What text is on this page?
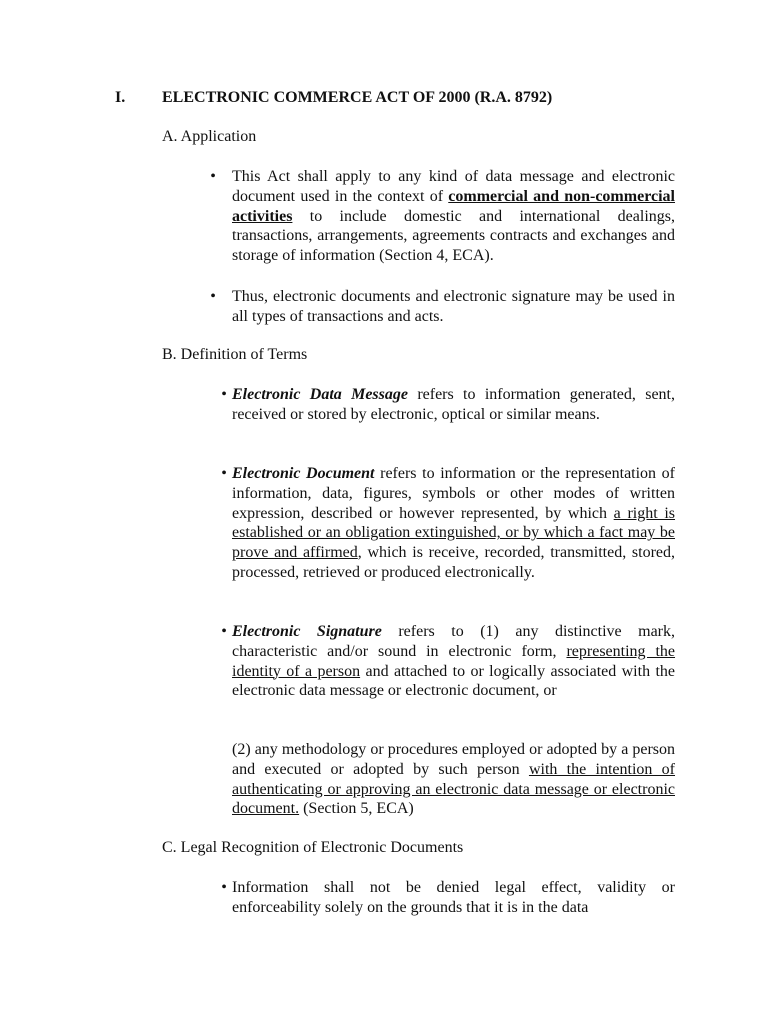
I. ELECTRONIC COMMERCE ACT OF 2000 (R.A. 8792)
A. Application
• This Act shall apply to any kind of data message and electronic document used in the context of commercial and non-commercial activities to include domestic and international dealings, transactions, arrangements, agreements contracts and exchanges and storage of information (Section 4, ECA).
• Thus, electronic documents and electronic signature may be used in all types of transactions and acts.
B. Definition of Terms
• Electronic Data Message refers to information generated, sent, received or stored by electronic, optical or similar means.
• Electronic Document refers to information or the representation of information, data, figures, symbols or other modes of written expression, described or however represented, by which a right is established or an obligation extinguished, or by which a fact may be prove and affirmed, which is receive, recorded, transmitted, stored, processed, retrieved or produced electronically.
• Electronic Signature refers to (1) any distinctive mark, characteristic and/or sound in electronic form, representing the identity of a person and attached to or logically associated with the electronic data message or electronic document, or
(2) any methodology or procedures employed or adopted by a person and executed or adopted by such person with the intention of authenticating or approving an electronic data message or electronic document. (Section 5, ECA)
C. Legal Recognition of Electronic Documents
• Information shall not be denied legal effect, validity or enforceability solely on the grounds that it is in the data
